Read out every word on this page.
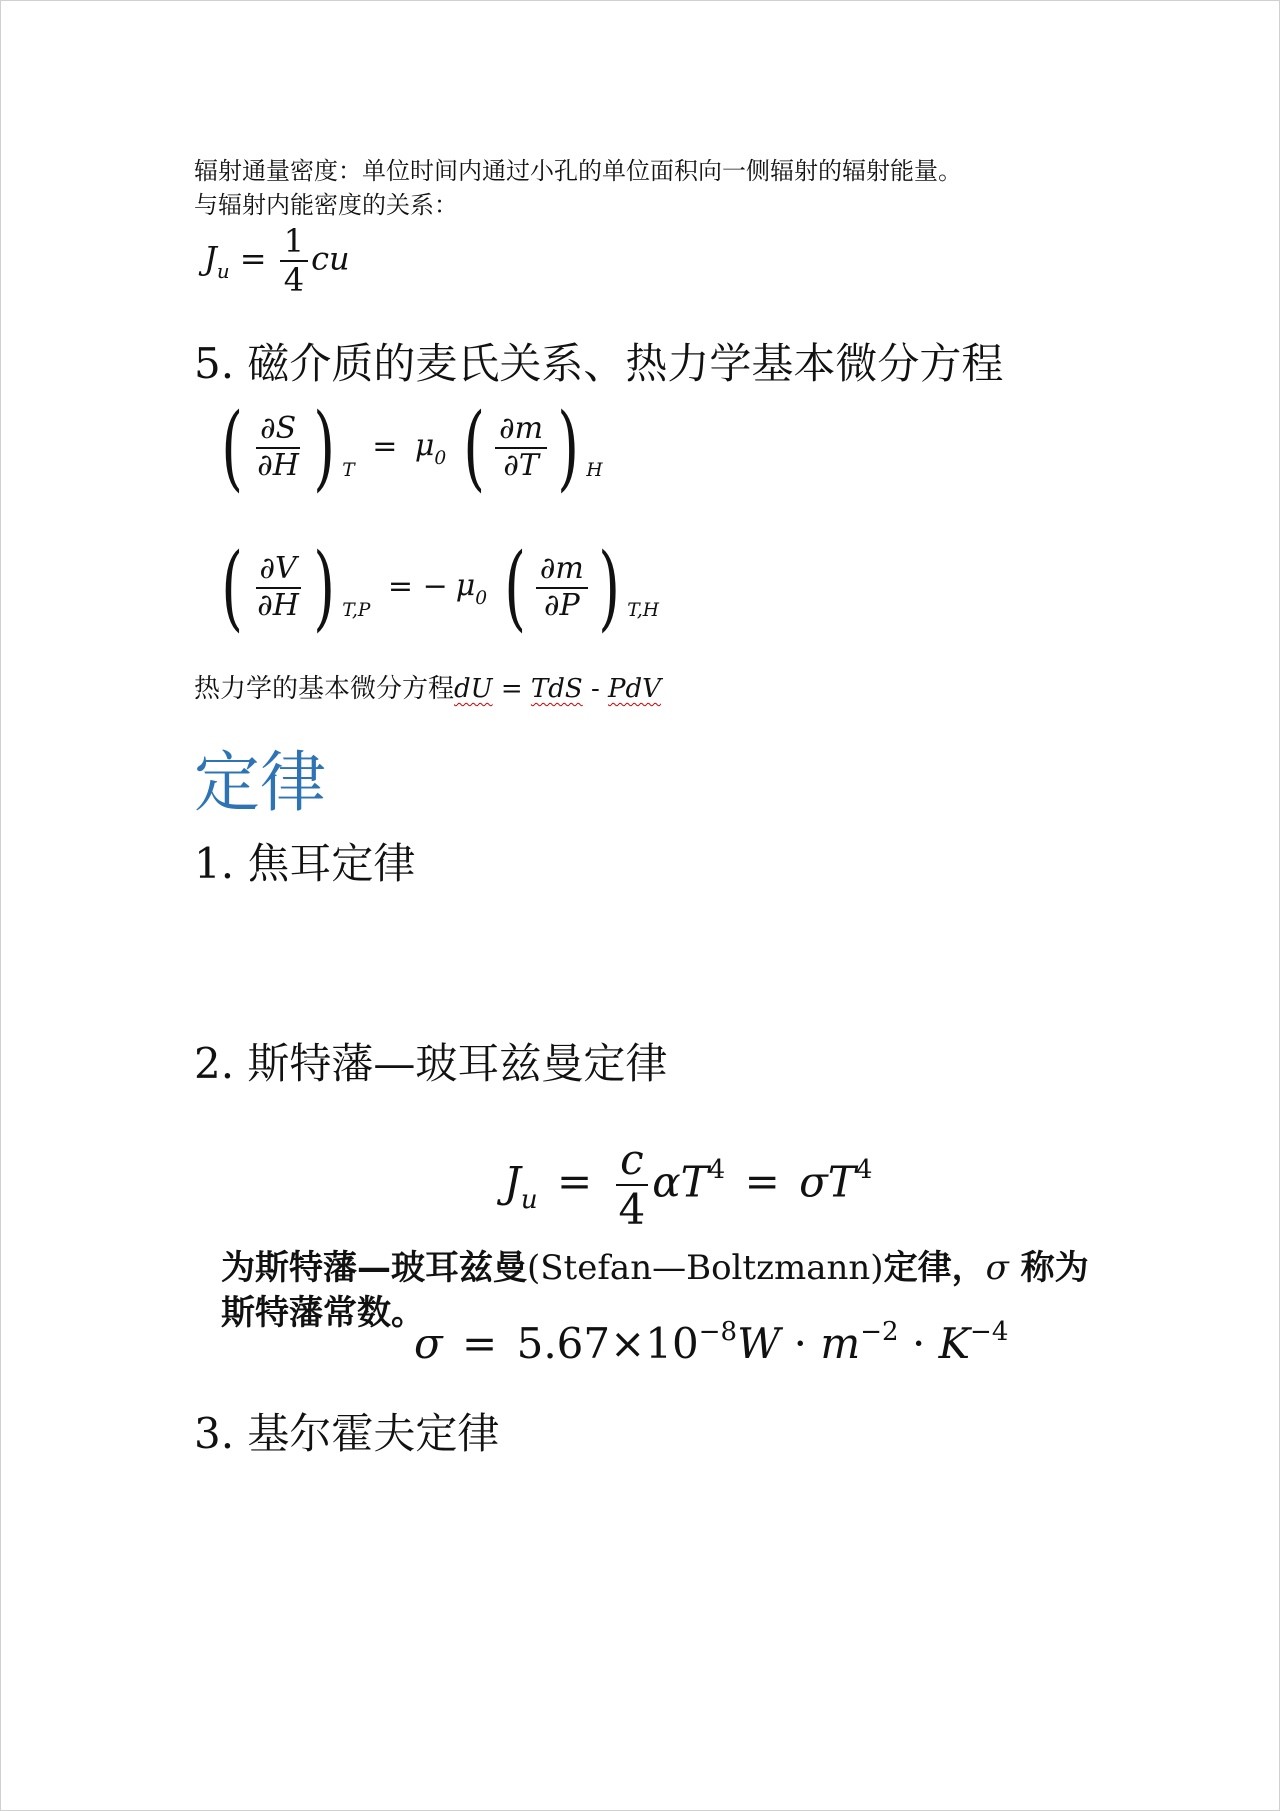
辐射通量密度：单位时间内通过小孔的单位面积向一侧辐射的辐射能量。
与辐射内能密度的关系：
$J_u = \frac{1}{4}$ cu
5. 磁介质的麦氏关系、热力学基本微分方程
( $\frac{\partial S}{\partial H}$ ) $_T = \mu_0$ ( $\frac{\partial m}{\partial T}$ ) $_H$
( $\frac{\partial V}{\partial H}$ ) $_{T,P}$ = − $\mu_0$ ( $\frac{\partial m}{\partial P}$ ) $_{T,H}$
热力学的基本微分方程dU = TdS - PdV
定律
1. 焦耳定律
2. 斯特藩—玻耳兹曼定律
$J_u = \frac{c}{4} \alpha T^4 = \sigma T^4$
为斯特藩—玻耳兹曼(Stefan—Boltzmann)定律，σ 称为
斯特藩常数。
$\sigma = 5.67\times 10^{-8}W \cdot m^{-2} \cdot K^{-4}$
3. 基尔霍夫定律
